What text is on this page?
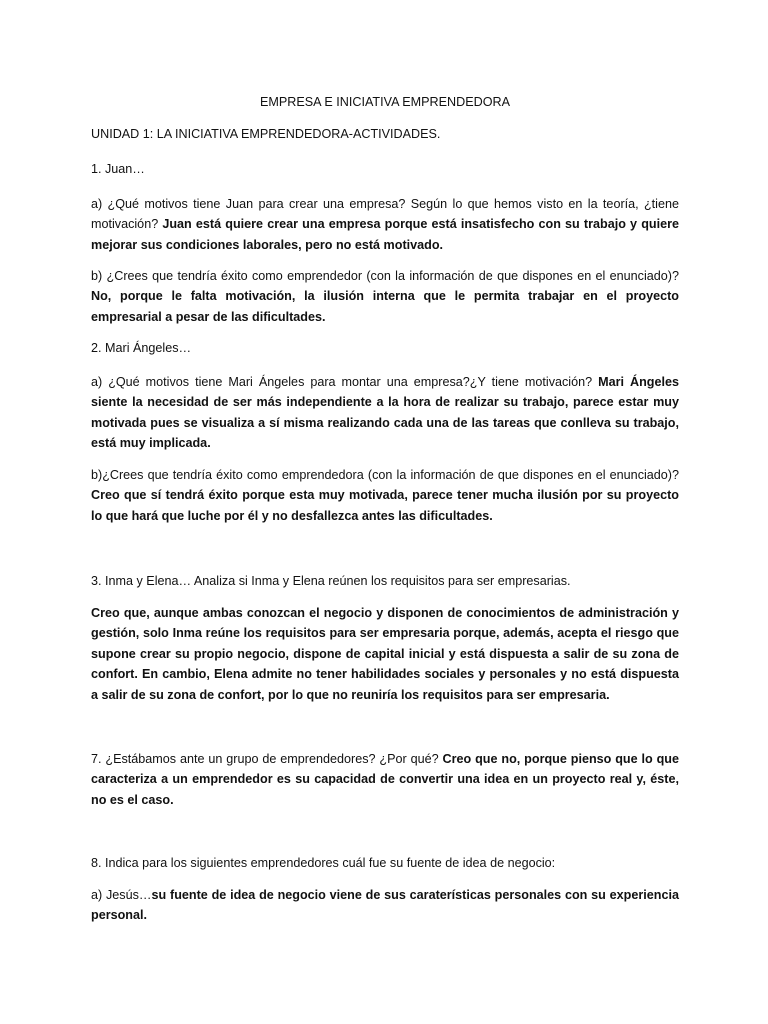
EMPRESA E INICIATIVA EMPRENDEDORA

UNIDAD 1: LA INICIATIVA EMPRENDEDORA-ACTIVIDADES.

1. Juan…

a) ¿Qué motivos tiene Juan para crear una empresa? Según lo que hemos visto en la teoría, ¿tiene motivación? Juan está quiere crear una empresa porque está insatisfecho con su trabajo y quiere mejorar sus condiciones laborales, pero no está motivado.

b) ¿Crees que tendría éxito como emprendedor (con la información de que dispones en el enunciado)? No, porque le falta motivación, la ilusión interna que le permita trabajar en el proyecto empresarial a pesar de las dificultades.

2. Mari Ángeles…

a) ¿Qué motivos tiene Mari Ángeles para montar una empresa?¿Y tiene motivación? Mari Ángeles siente la necesidad de ser más independiente a la hora de realizar su trabajo, parece estar muy motivada pues se visualiza a sí misma realizando cada una de las tareas que conlleva su trabajo, está muy implicada.

b)¿Crees que tendría éxito como emprendedora (con la información de que dispones en el enunciado)? Creo que sí tendrá éxito porque esta muy motivada, parece tener mucha ilusión por su proyecto lo que hará que luche por él y no desfallezca antes las dificultades.

3. Inma y Elena… Analiza si Inma y Elena reúnen los requisitos para ser empresarias.

Creo que, aunque ambas conozcan el negocio y disponen de conocimientos de administración y gestión, solo Inma reúne los requisitos para ser empresaria porque, además, acepta el riesgo que supone crear su propio negocio, dispone de capital inicial y está dispuesta a salir de su zona de confort. En cambio, Elena admite no tener habilidades sociales y personales y no está dispuesta a salir de su zona de confort, por lo que no reuniría los requisitos para ser empresaria.

7. ¿Estábamos ante un grupo de emprendedores? ¿Por qué? Creo que no, porque pienso que lo que caracteriza a un emprendedor es su capacidad de convertir una idea en un proyecto real y, éste, no es el caso.

8. Indica para los siguientes emprendedores cuál fue su fuente de idea de negocio:

a) Jesús…su fuente de idea de negocio viene de sus caraterísticas personales con su experiencia personal.
